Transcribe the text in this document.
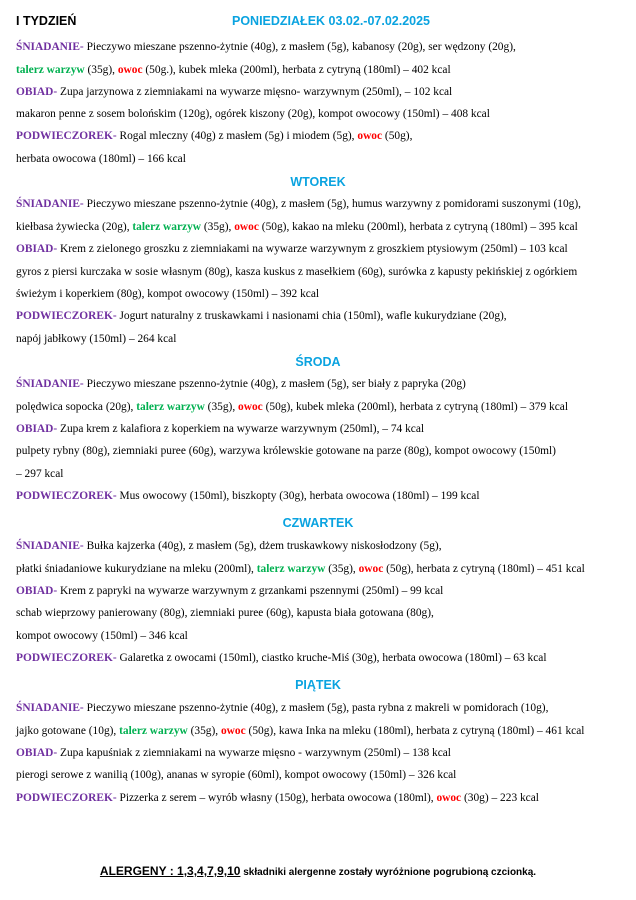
I TYDZIEŃ	PONIEDZIAŁEK 03.02.-07.02.2025
ŚNIADANIE- Pieczywo mieszane pszenno-żytnie (40g), z masłem (5g), kabanosy (20g), ser wędzony (20g),
talerz warzyw (35g), owoc (50g.), kubek mleka (200ml), herbata z cytryną (180ml) – 402 kcal
OBIAD- Zupa jarzynowa z ziemniakami na wywarze mięsno- warzywnym (250ml), – 102 kcal
makaron penne z sosem bolońskim (120g), ogórek kiszony (20g), kompot owocowy (150ml) – 408 kcal
PODWIECZOREK- Rogal mleczny (40g) z masłem (5g) i miodem (5g), owoc (50g),
herbata owocowa (180ml) – 166 kcal
WTOREK
ŚNIADANIE- Pieczywo mieszane pszenno-żytnie (40g), z masłem (5g), humus warzywny z pomidorami suszonymi (10g),
kiełbasa żywiecka (20g), talerz warzyw (35g), owoc (50g), kakao na mleku (200ml), herbata z cytryną (180ml) – 395 kcal
OBIAD- Krem z zielonego groszku z ziemniakami na wywarze warzywnym z groszkiem ptysiowym (250ml) – 103 kcal
gyros z piersi kurczaka w sosie własnym (80g), kasza kuskus z masełkiem (60g), surówka z kapusty pekińskiej z ogórkiem
świeżym i koperkiem (80g), kompot owocowy (150ml) – 392 kcal
PODWIECZOREK- Jogurt naturalny z truskawkami i nasionami chia (150ml), wafle kukurydziane (20g),
napój jabłkowy (150ml) – 264 kcal
ŚRODA
ŚNIADANIE- Pieczywo mieszane pszenno-żytnie (40g), z masłem (5g), ser biały z papryka (20g)
polędwica sopocka (20g), talerz warzyw (35g), owoc (50g), kubek mleka (200ml), herbata z cytryną (180ml) – 379 kcal
OBIAD- Zupa krem z kalafiora z koperkiem na wywarze warzywnym (250ml), – 74 kcal
pulpety rybny (80g), ziemniaki puree (60g), warzywa królewskie gotowane na parze (80g), kompot owocowy (150ml)
– 297 kcal
PODWIECZOREK- Mus owocowy (150ml), biszkopty (30g), herbata owocowa (180ml) – 199 kcal
CZWARTEK
ŚNIADANIE- Bułka kajzerka (40g), z masłem (5g), dżem truskawkowy niskosłodzony (5g),
płatki śniadaniowe kukurydziane na mleku (200ml), talerz warzyw (35g), owoc (50g), herbata z cytryną (180ml) – 451 kcal
OBIAD- Krem z papryki na wywarze warzywnym z grzankami pszennymi (250ml) – 99 kcal
schab wieprzowy panierowany (80g), ziemniaki puree (60g), kapusta biała gotowana (80g),
kompot owocowy (150ml) – 346 kcal
PODWIECZOREK- Galaretka z owocami (150ml), ciastko kruche-Miś (30g), herbata owocowa (180ml) – 63 kcal
PIĄTEK
ŚNIADANIE- Pieczywo mieszane pszenno-żytnie (40g), z masłem (5g), pasta rybna z makreli w pomidorach (10g),
jajko gotowane (10g), talerz warzyw (35g), owoc (50g), kawa Inka na mleku (180ml), herbata z cytryną (180ml) – 461 kcal
OBIAD- Zupa kapuśniak z ziemniakami na wywarze mięsno - warzywnym (250ml) – 138 kcal
pierogi serowe z wanilią (100g), ananas w syropie (60ml), kompot owocowy (150ml) – 326 kcal
PODWIECZOREK- Pizzerka z serem – wyrób własny (150g), herbata owocowa (180ml), owoc (30g) – 223 kcal
ALERGENY : 1,3,4,7,9,10 składniki alergenne zostały wyróżnione pogrubioną czcionką.
